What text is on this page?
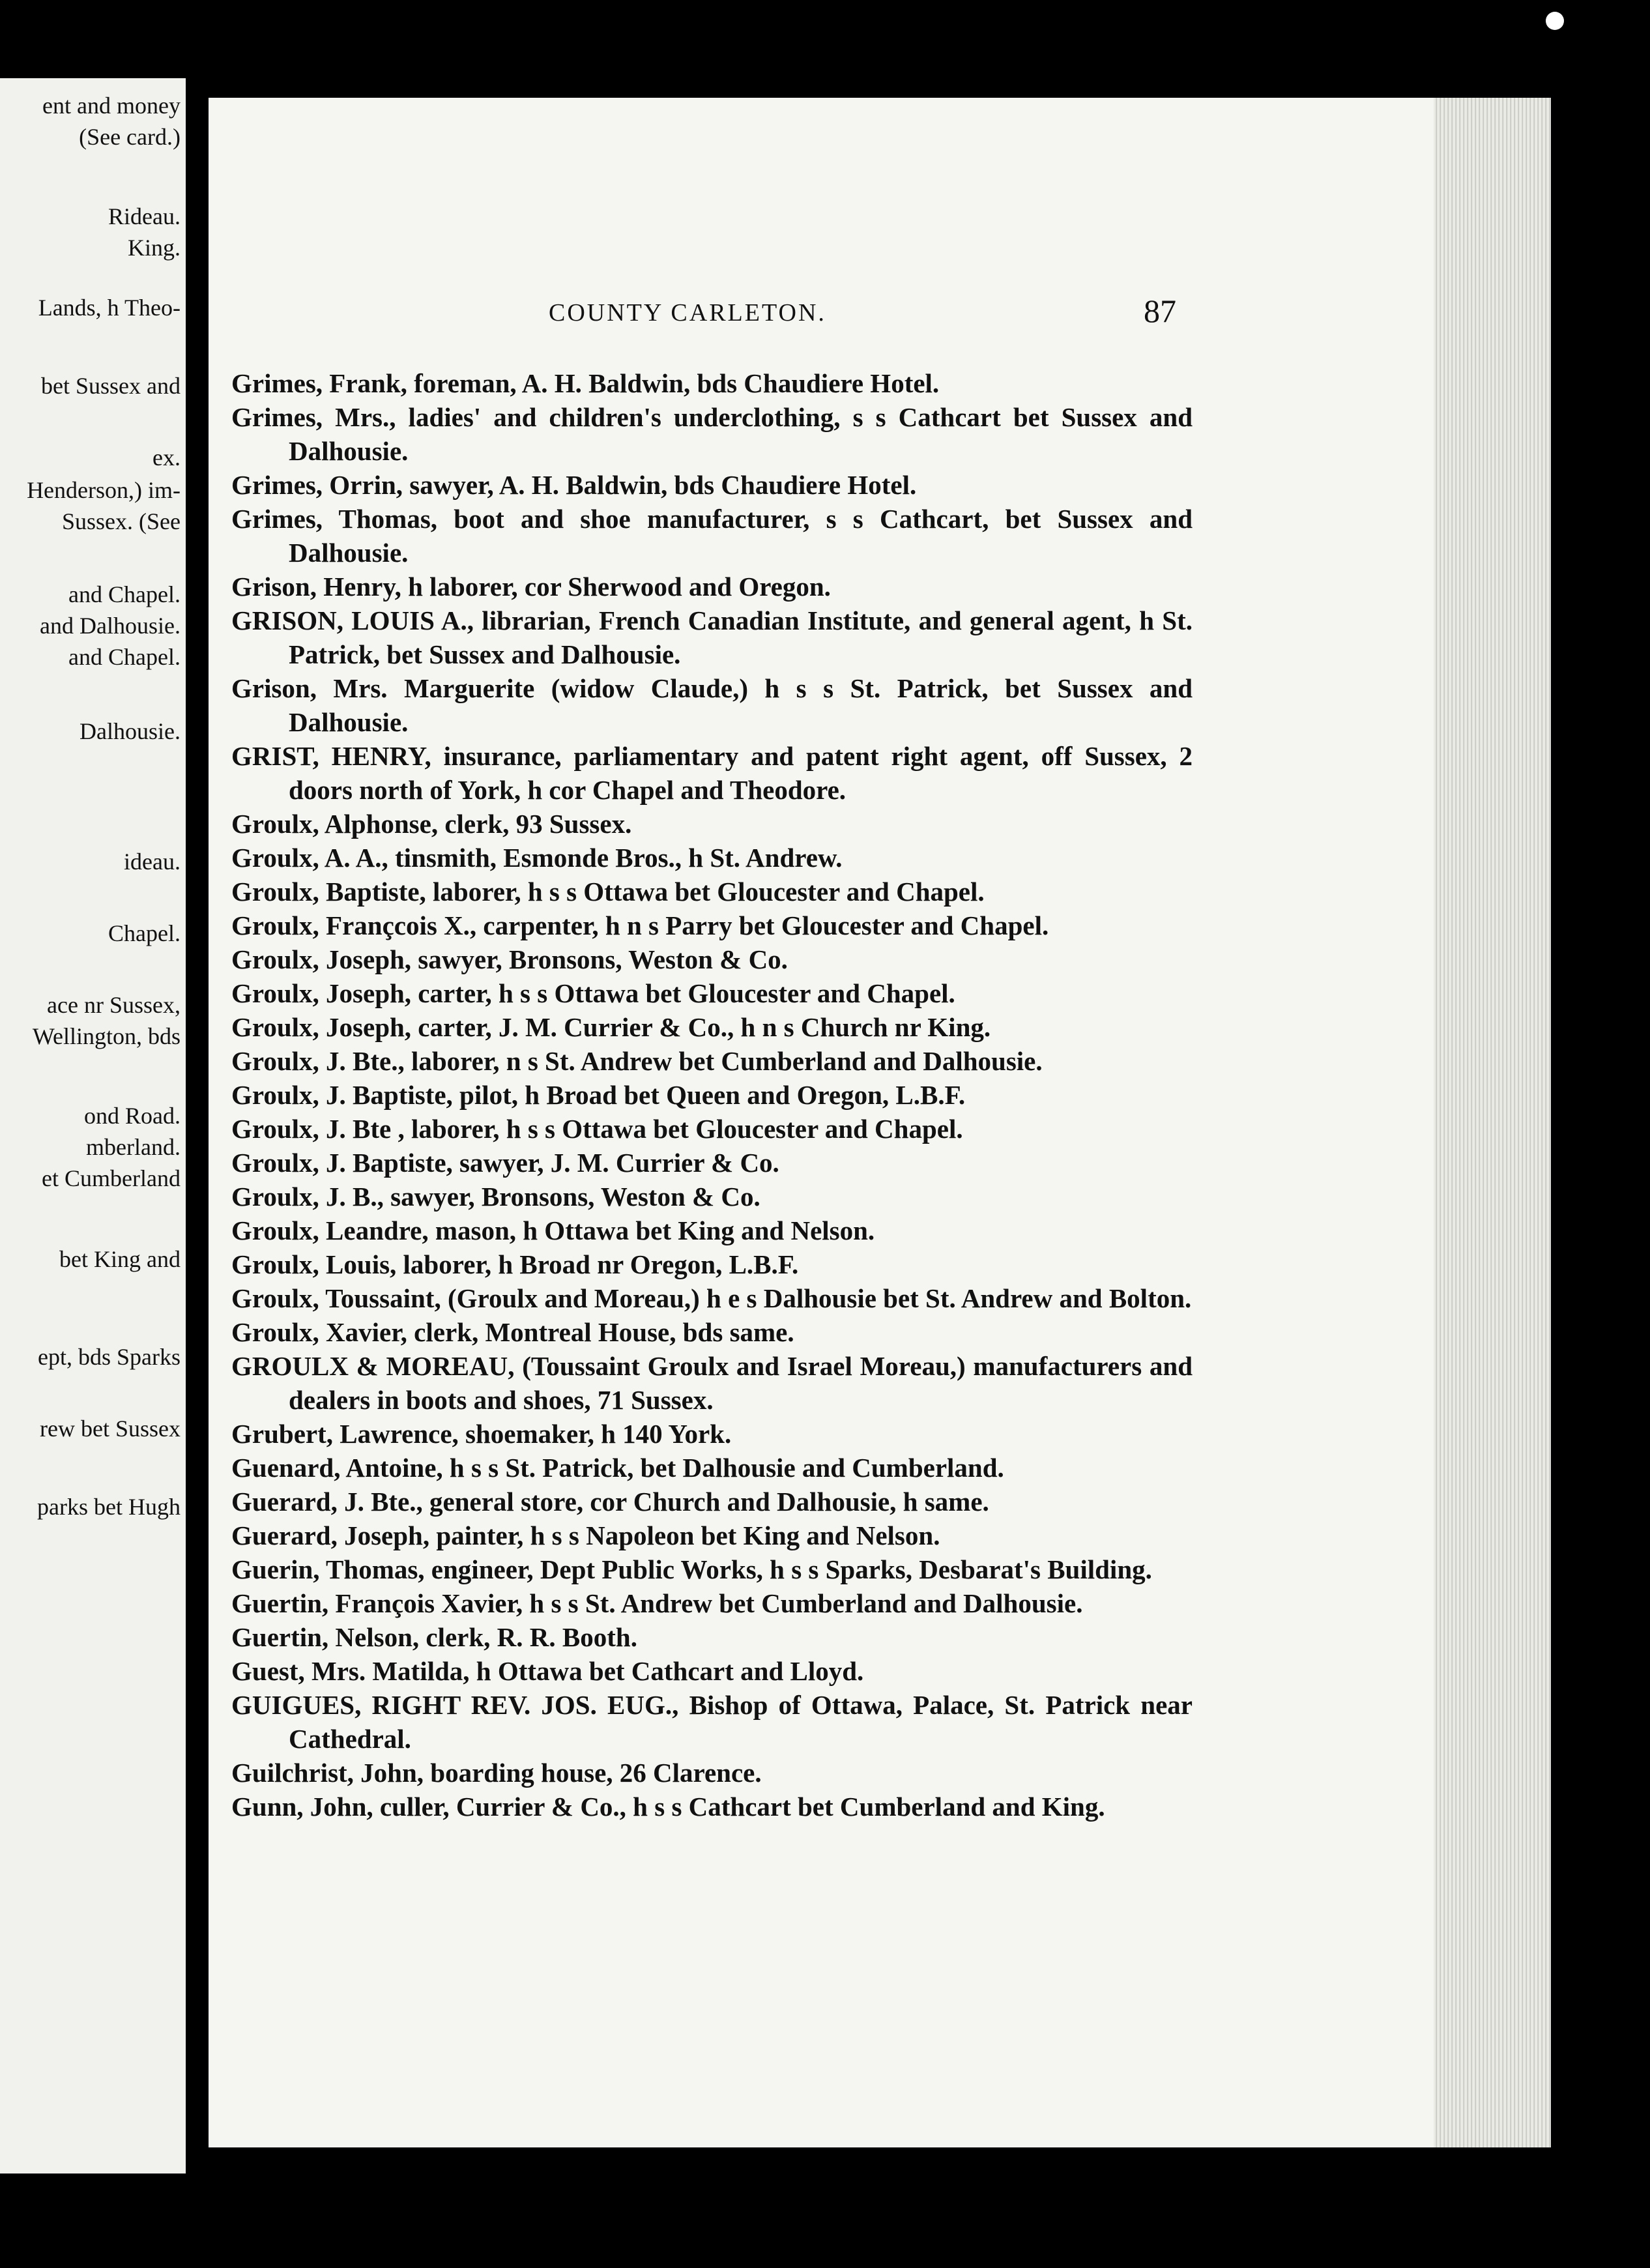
ent and money
(See card.)
Rideau.
King.
Lands, h Theo-
bet Sussex and
ex.
Henderson,) im-
Sussex. (See
and Chapel.
and Dalhousie.
and Chapel.
Dalhousie.
ideau.
Chapel.
ace nr Sussex,
Wellington, bds
ond Road.
mberland.
et Cumberland
bet King and
ept, bds Sparks
rew bet Sussex
parks bet Hugh
COUNTY CARLETON.	87
Grimes, Frank, foreman, A. H. Baldwin, bds Chaudiere Hotel.
Grimes, Mrs., ladies' and children's underclothing, s s Cathcart bet Sussex and Dalhousie.
Grimes, Orrin, sawyer, A. H. Baldwin, bds Chaudiere Hotel.
Grimes, Thomas, boot and shoe manufacturer, s s Cathcart, bet Sussex and Dalhousie.
Grison, Henry, h laborer, cor Sherwood and Oregon.
GRISON, LOUIS A., librarian, French Canadian Institute, and general agent, h St. Patrick, bet Sussex and Dalhousie.
Grison, Mrs. Marguerite (widow Claude,) h s s St. Patrick, bet Sussex and Dalhousie.
GRIST, HENRY, insurance, parliamentary and patent right agent, off Sussex, 2 doors north of York, h cor Chapel and Theodore.
Groulx, Alphonse, clerk, 93 Sussex.
Groulx, A. A., tinsmith, Esmonde Bros., h St. Andrew.
Groulx, Baptiste, laborer, h s s Ottawa bet Gloucester and Chapel.
Groulx, Françcois X., carpenter, h n s Parry bet Gloucester and Chapel.
Groulx, Joseph, sawyer, Bronsons, Weston & Co.
Groulx, Joseph, carter, h s s Ottawa bet Gloucester and Chapel.
Groulx, Joseph, carter, J. M. Currier & Co., h n s Church nr King.
Groulx, J. Bte., laborer, n s St. Andrew bet Cumberland and Dalhousie.
Groulx, J. Baptiste, pilot, h Broad bet Queen and Oregon, L.B.F.
Groulx, J. Bte , laborer, h s s Ottawa bet Gloucester and Chapel.
Groulx, J. Baptiste, sawyer, J. M. Currier & Co.
Groulx, J. B., sawyer, Bronsons, Weston & Co.
Groulx, Leandre, mason, h Ottawa bet King and Nelson.
Groulx, Louis, laborer, h Broad nr Oregon, L.B.F.
Groulx, Toussaint, (Groulx and Moreau,) h e s Dalhousie bet St. Andrew and Bolton.
Groulx, Xavier, clerk, Montreal House, bds same.
GROULX & MOREAU, (Toussaint Groulx and Israel Moreau,) manufacturers and dealers in boots and shoes, 71 Sussex.
Grubert, Lawrence, shoemaker, h 140 York.
Guenard, Antoine, h s s St. Patrick, bet Dalhousie and Cumberland.
Guerard, J. Bte., general store, cor Church and Dalhousie, h same.
Guerard, Joseph, painter, h s s Napoleon bet King and Nelson.
Guerin, Thomas, engineer, Dept Public Works, h s s Sparks, Desbarat's Building.
Guertin, François Xavier, h s s St. Andrew bet Cumberland and Dalhousie.
Guertin, Nelson, clerk, R. R. Booth.
Guest, Mrs. Matilda, h Ottawa bet Cathcart and Lloyd.
GUIGUES, RIGHT REV. JOS. EUG., Bishop of Ottawa, Palace, St. Patrick near Cathedral.
Guilchrist, John, boarding house, 26 Clarence.
Gunn, John, culler, Currier & Co., h s s Cathcart bet Cumberland and King.
